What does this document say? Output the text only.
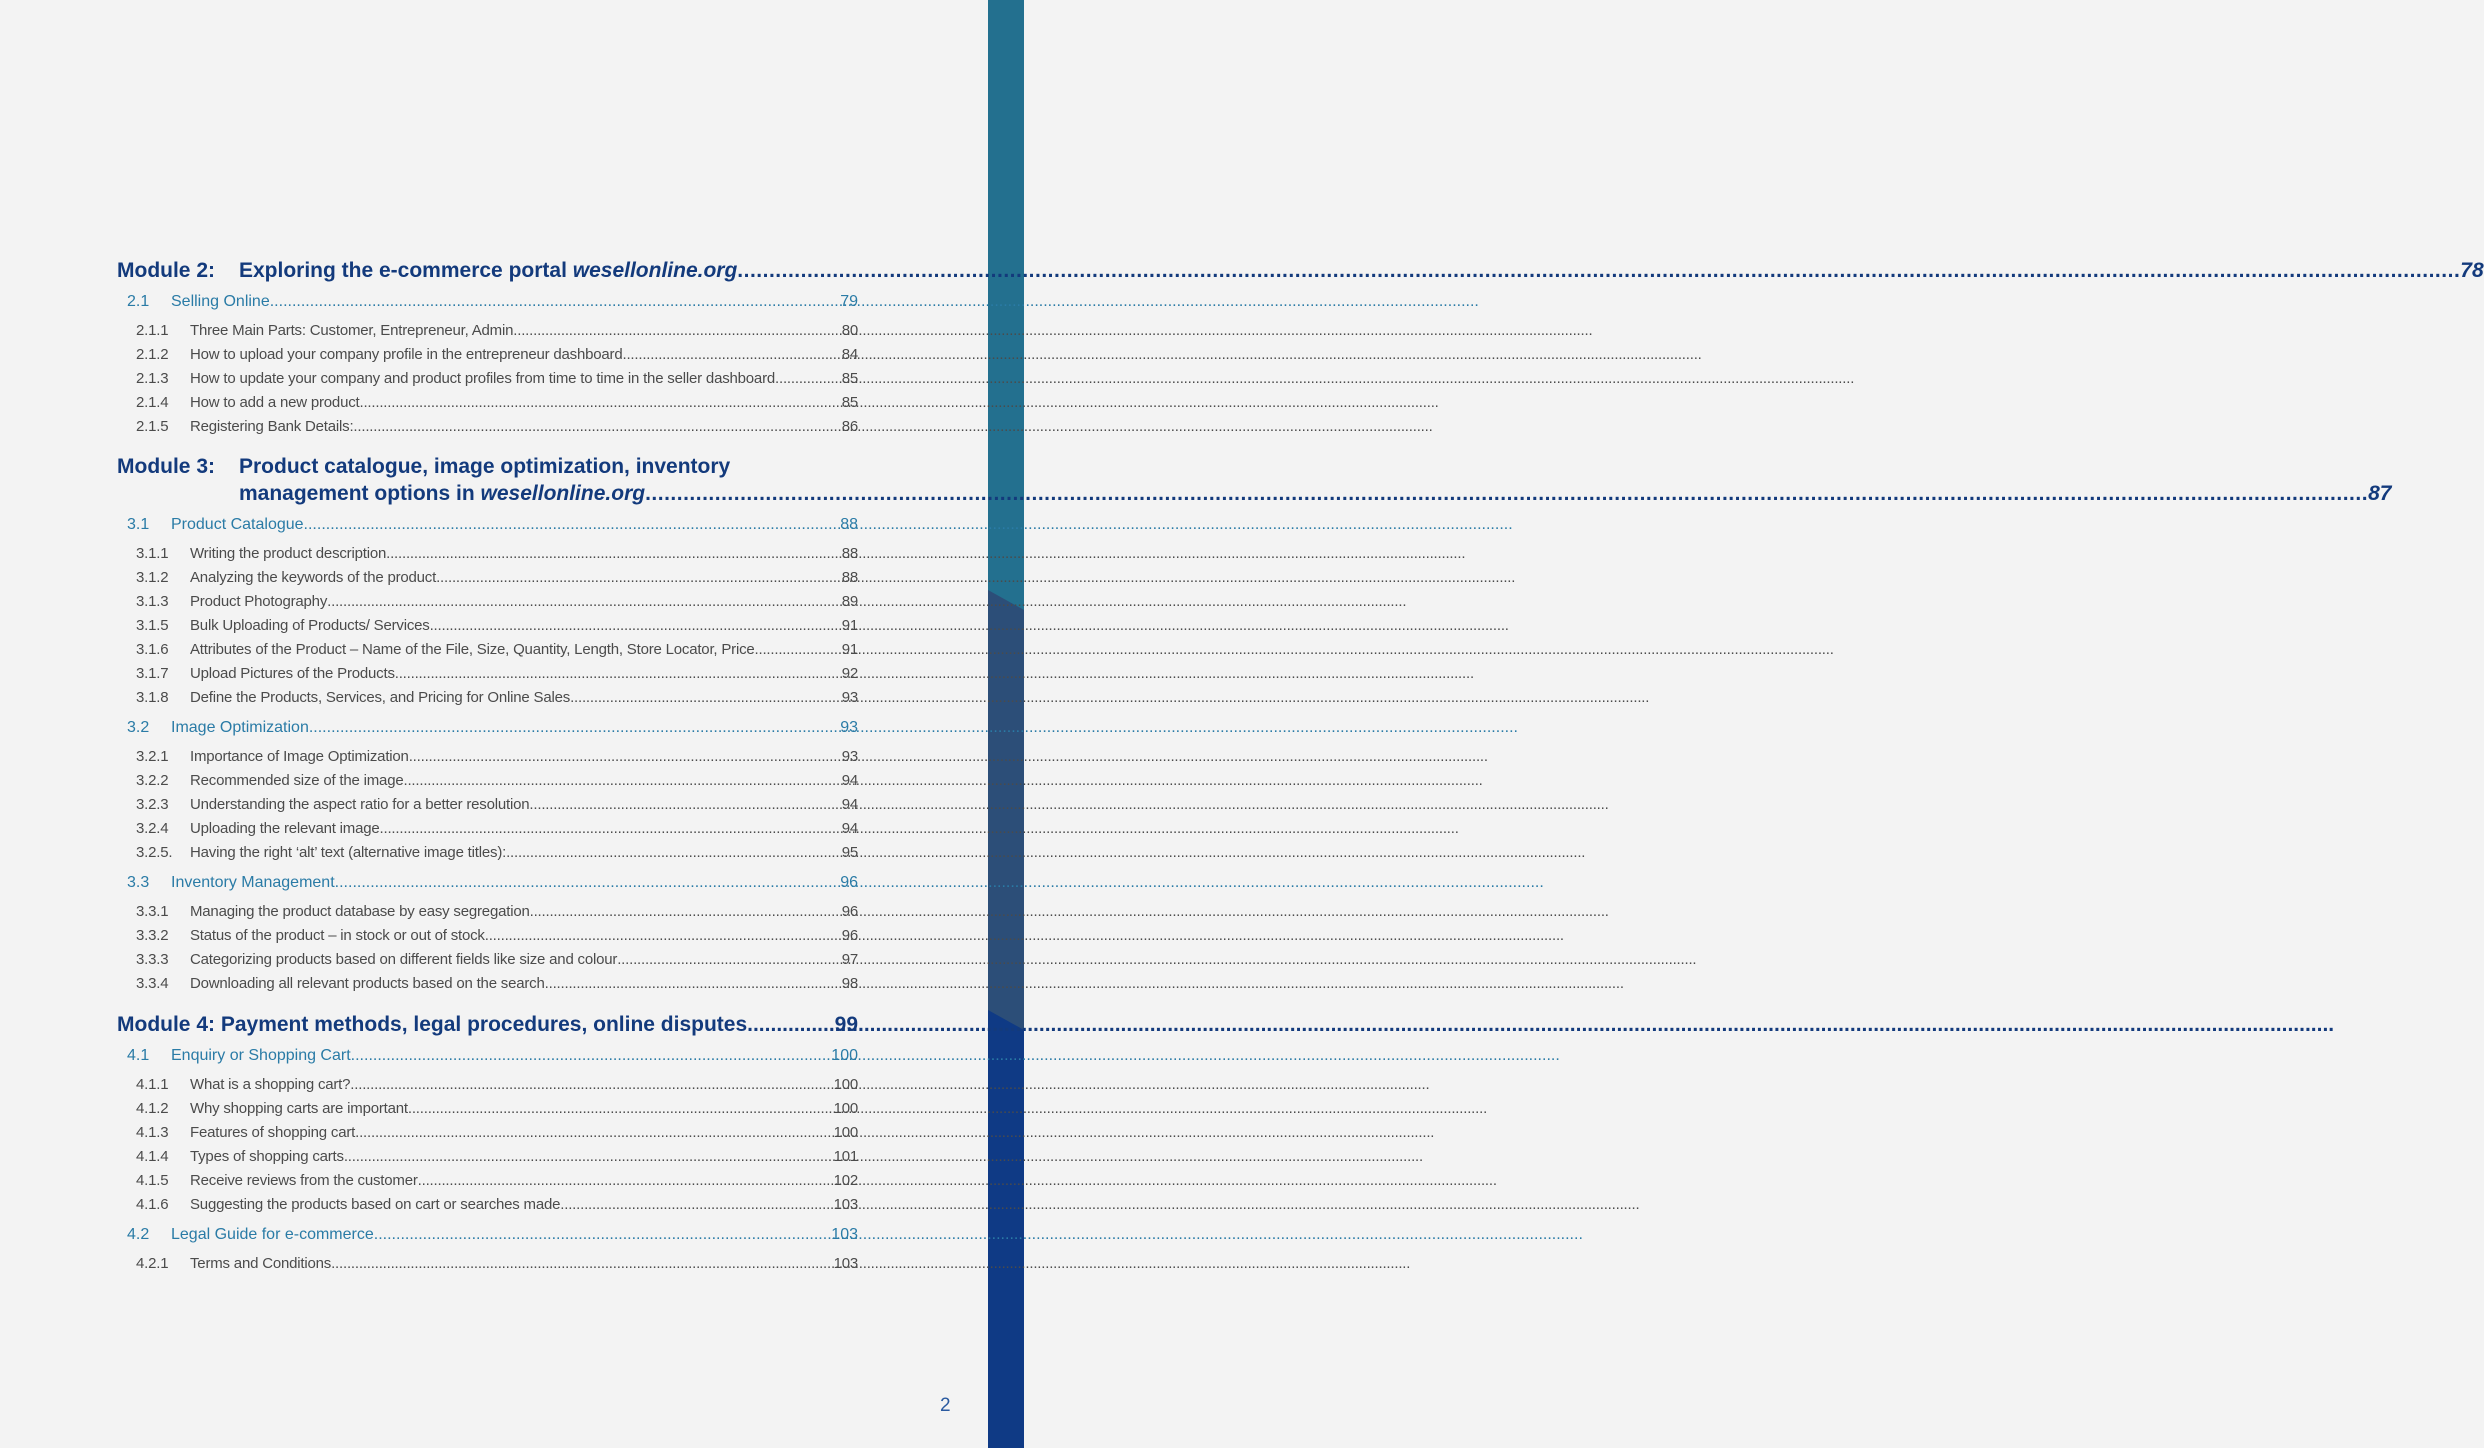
Module 2:	Exploring the e-commerce portal wesellonline.org .....	78
2.1	Selling Online .....	79
2.1.1	Three Main Parts: Customer, Entrepreneur, Admin .....	80
2.1.2	How to upload your company profile in the entrepreneur dashboard .....	84
2.1.3	How to update your company and product profiles from time to time in the seller dashboard .....	85
2.1.4	How to add a new product .....	85
2.1.5	Registering Bank Details: .....	86
Module 3:	Product catalogue, image optimization, inventory
management options in wesellonline.org .....	87
3.1	Product Catalogue .....	88
3.1.1	Writing the product description .....	88
3.1.2	Analyzing the keywords of the product .....	88
3.1.3	Product Photography .....	89
3.1.5	Bulk Uploading of Products/ Services .....	91
3.1.6	Attributes of the Product – Name of the File, Size, Quantity, Length, Store Locator, Price .....	91
3.1.7	Upload Pictures of the Products .....	92
3.1.8	Define the Products, Services, and Pricing for Online Sales .....	93
3.2	Image Optimization .....	93
3.2.1	Importance of Image Optimization .....	93
3.2.2	Recommended size of the image .....	94
3.2.3	Understanding the aspect ratio for a better resolution .....	94
3.2.4	Uploading the relevant image .....	94
3.2.5.	Having the right ‘alt’ text (alternative image titles): .....	95
3.3	Inventory Management .....	96
3.3.1	Managing the product database by easy segregation .....	96
3.3.2	Status of the product – in stock or out of stock .....	96
3.3.3	Categorizing products based on different fields like size and colour .....	97
3.3.4	Downloading all relevant products based on the search .....	98
Module 4: Payment methods, legal procedures, online disputes .....	99
4.1	Enquiry or Shopping Cart .....	100
4.1.1	What is a shopping cart? .....	100
4.1.2	Why shopping carts are important .....	100
4.1.3	Features of shopping cart .....	100
4.1.4	Types of shopping carts .....	101
4.1.5	Receive reviews from the customer .....	102
4.1.6	Suggesting the products based on cart or searches made .....	103
4.2	Legal Guide for e-commerce .....	103
4.2.1	Terms and Conditions .....	103
2
